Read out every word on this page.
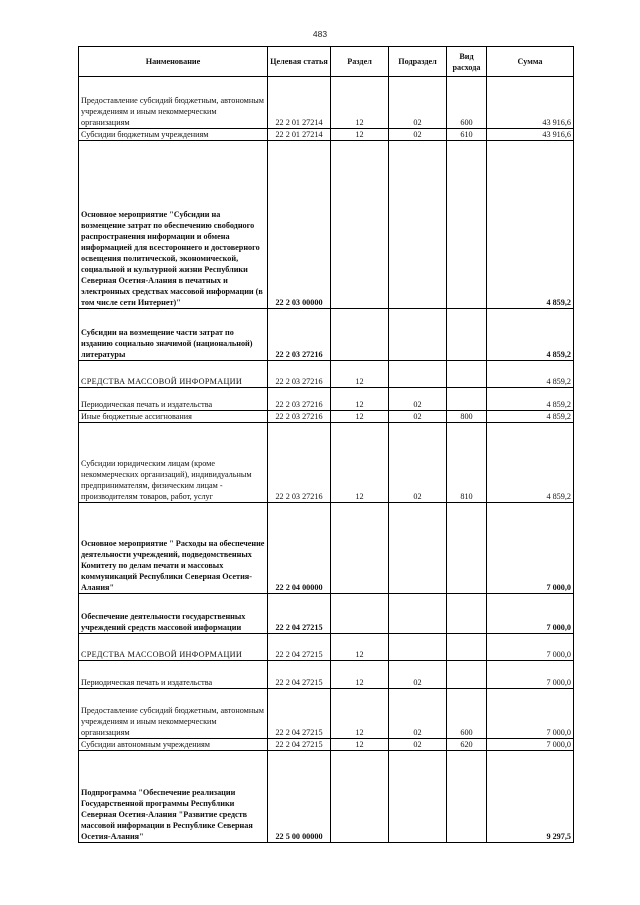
483
Наименование	Целевая статья	Раздел	Подраздел	Вид расхода	Сумма
Предоставление субсидий бюджетным, автономным учреждениям и иным некоммерческим организациям	22 2 01 27214	12	02	600	43 916,6
Субсидии бюджетным учреждениям	22 2 01 27214	12	02	610	43 916,6
Основное мероприятие "Субсидии на возмещение затрат по обеспечению свободного распространения информации и обмена информацией для всестороннего и достоверного освещения политической, экономической, социальной и культурной жизни Республики Северная Осетия-Алания в печатных и электронных средствах массовой информации (в том числе сети Интернет)"	22 2 03 00000				4 859,2
Субсидии на возмещение части затрат по изданию социально значимой (национальной) литературы	22 2 03 27216				4 859,2
СРЕДСТВА МАССОВОЙ ИНФОРМАЦИИ	22 2 03 27216	12			4 859,2
Периодическая печать и издательства	22 2 03 27216	12	02		4 859,2
Иные бюджетные ассигнования	22 2 03 27216	12	02	800	4 859,2
Субсидии юридическим лицам (кроме некоммерческих организаций), индивидуальным предпринимателям, физическим лицам - производителям товаров, работ, услуг	22 2 03 27216	12	02	810	4 859,2
Основное мероприятие " Расходы на обеспечение деятельности учреждений, подведомственных Комитету по делам печати и массовых коммуникаций Республики Северная Осетия-Алания"	22 2 04 00000				7 000,0
Обеспечение деятельности государственных учреждений средств массовой информации	22 2 04 27215				7 000,0
СРЕДСТВА МАССОВОЙ ИНФОРМАЦИИ	22 2 04 27215	12			7 000,0
Периодическая печать и издательства	22 2 04 27215	12	02		7 000,0
Предоставление субсидий бюджетным, автономным учреждениям и иным некоммерческим организациям	22 2 04 27215	12	02	600	7 000,0
Субсидии автономным учреждениям	22 2 04 27215	12	02	620	7 000,0
Подпрограмма "Обеспечение реализации Государственной программы Республики Северная Осетия-Алания "Развитие средств массовой информации в Республике Северная Осетия-Алания"	22 5 00 00000				9 297,5
